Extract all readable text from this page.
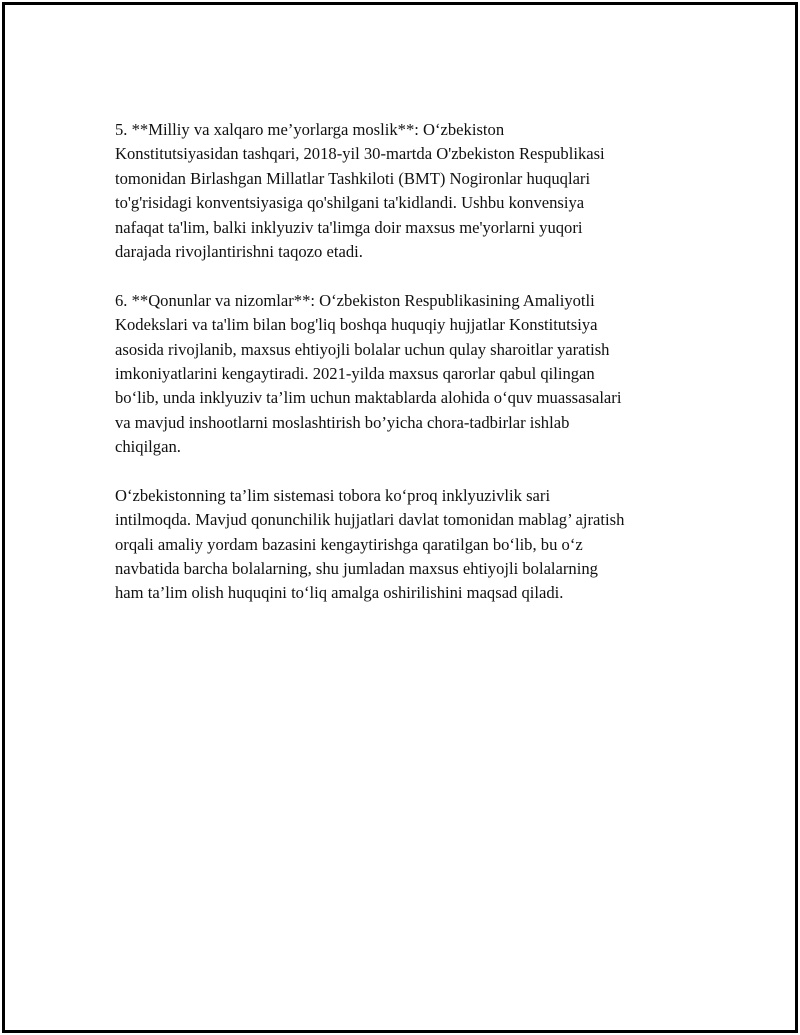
5. **Milliy va xalqaro me’yorlarga moslik**: O‘zbekiston
Konstitutsiyasidan tashqari, 2018-yil 30-martda O'zbekiston Respublikasi
tomonidan Birlashgan Millatlar Tashkiloti (BMT) Nogironlar huquqlari
to'g'risidagi konventsiyasiga qo'shilgani ta'kidlandi. Ushbu konvensiya
nafaqat ta'lim, balki inklyuziv ta'limga doir maxsus me'yorlarni yuqori
darajada rivojlantirishni taqozo etadi.
6. **Qonunlar va nizomlar**: O‘zbekiston Respublikasining Amaliyotli
Kodekslari va ta'lim bilan bog'liq boshqa huquqiy hujjatlar Konstitutsiya
asosida rivojlanib, maxsus ehtiyojli bolalar uchun qulay sharoitlar yaratish
imkoniyatlarini kengaytiradi. 2021-yilda maxsus qarorlar qabul qilingan
bo‘lib, unda inklyuziv ta’lim uchun maktablarda alohida o‘quv muassasalari
va mavjud inshootlarni moslashtirish bo’yicha chora-tadbirlar ishlab
chiqilgan.
O‘zbekistonning ta’lim sistemasi tobora ko‘proq inklyuzivlik sari
intilmoqda. Mavjud qonunchilik hujjatlari davlat tomonidan mablag’ ajratish
orqali amaliy yordam bazasini kengaytirishga qaratilgan bo‘lib, bu o‘z
navbatida barcha bolalarning, shu jumladan maxsus ehtiyojli bolalarning
ham ta’lim olish huquqini to‘liq amalga oshirilishini maqsad qiladi.
